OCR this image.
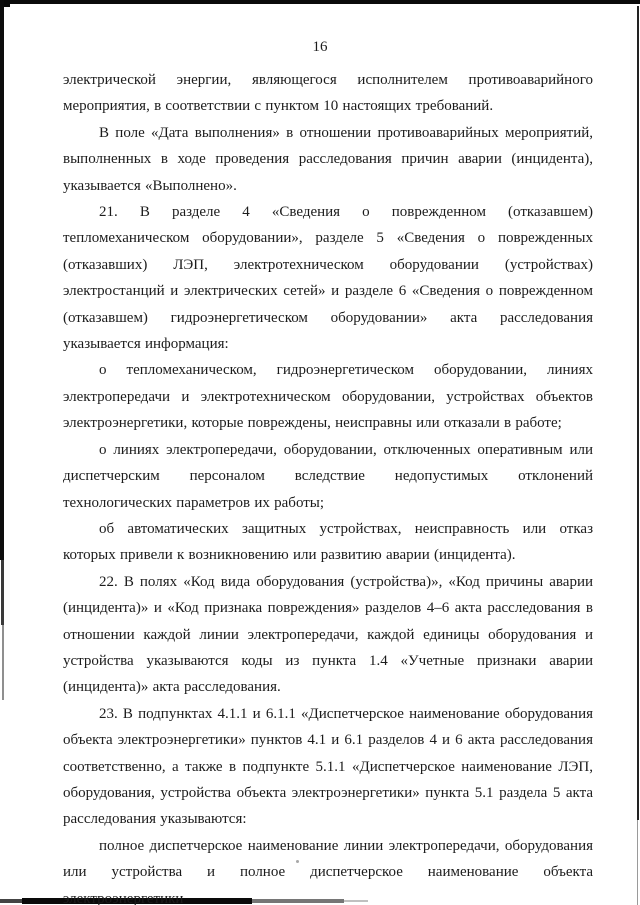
16

электрической энергии, являющегося исполнителем противоаварийного мероприятия, в соответствии с пунктом 10 настоящих требований.

В поле «Дата выполнения» в отношении противоаварийных мероприятий, выполненных в ходе проведения расследования причин аварии (инцидента), указывается «Выполнено».

21. В разделе 4 «Сведения о поврежденном (отказавшем) тепломеханическом оборудовании», разделе 5 «Сведения о поврежденных (отказавших) ЛЭП, электротехническом оборудовании (устройствах) электростанций и электрических сетей» и разделе 6 «Сведения о поврежденном (отказавшем) гидроэнергетическом оборудовании» акта расследования указывается информация:

о тепломеханическом, гидроэнергетическом оборудовании, линиях электропередачи и электротехническом оборудовании, устройствах объектов электроэнергетики, которые повреждены, неисправны или отказали в работе;

о линиях электропередачи, оборудовании, отключенных оперативным или диспетчерским персоналом вследствие недопустимых отклонений технологических параметров их работы;

об автоматических защитных устройствах, неисправность или отказ которых привели к возникновению или развитию аварии (инцидента).

22. В полях «Код вида оборудования (устройства)», «Код причины аварии (инцидента)» и «Код признака повреждения» разделов 4–6 акта расследования в отношении каждой линии электропередачи, каждой единицы оборудования и устройства указываются коды из пункта 1.4 «Учетные признаки аварии (инцидента)» акта расследования.

23. В подпунктах 4.1.1 и 6.1.1 «Диспетчерское наименование оборудования объекта электроэнергетики» пунктов 4.1 и 6.1 разделов 4 и 6 акта расследования соответственно, а также в подпункте 5.1.1 «Диспетчерское наименование ЛЭП, оборудования, устройства объекта электроэнергетики» пункта 5.1 раздела 5 акта расследования указываются:

полное диспетчерское наименование линии электропередачи, оборудования или устройства и полное диспетчерское наименование объекта электроэнергетики
